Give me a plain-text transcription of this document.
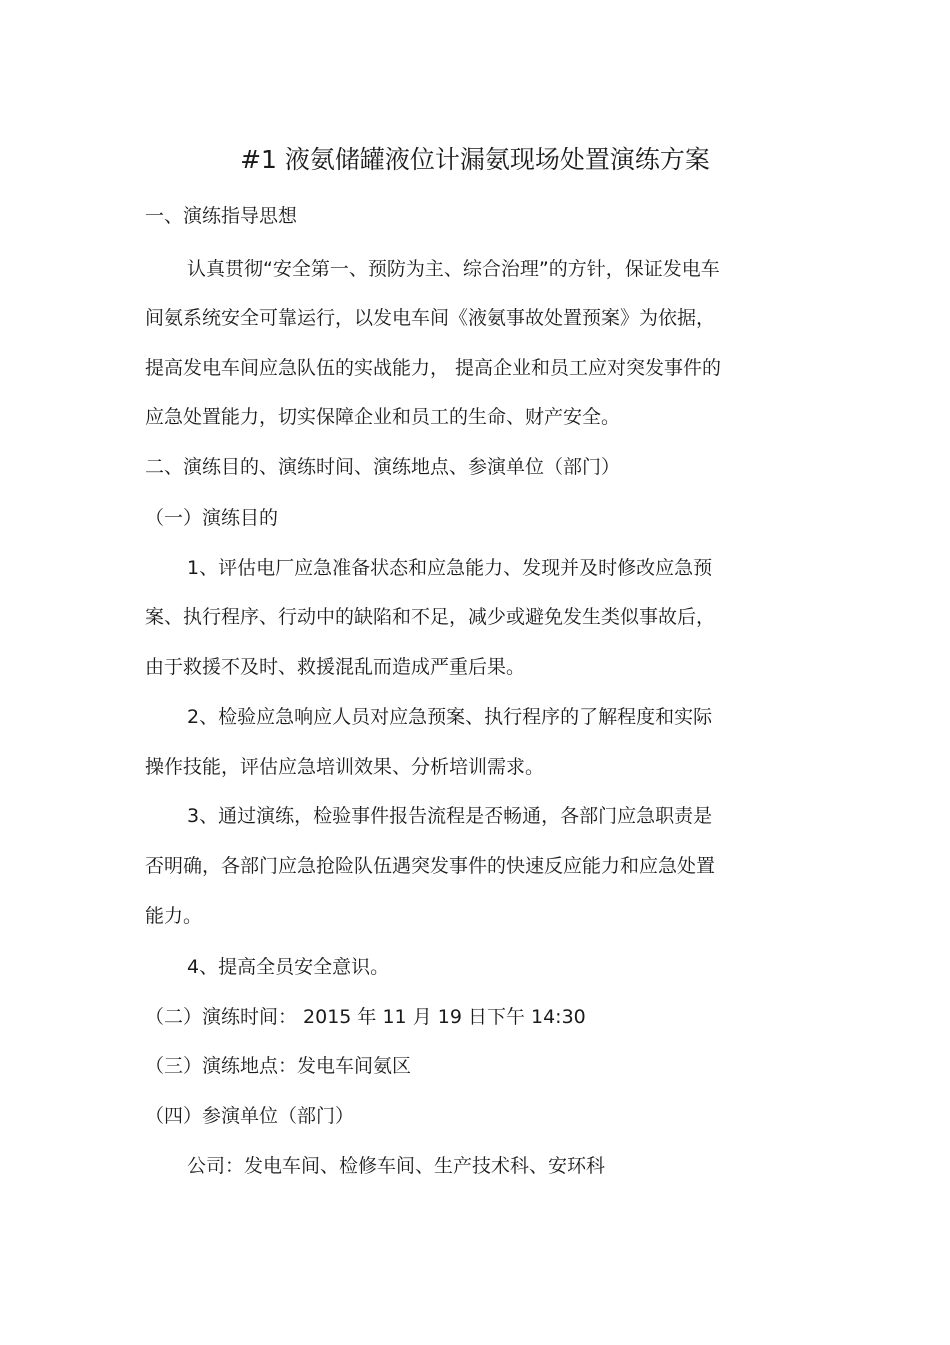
#1 液氨储罐液位计漏氨现场处置演练方案
一、演练指导思想
认真贯彻“安全第一、预防为主、综合治理”的方针，保证发电车
间氨系统安全可靠运行，以发电车间《液氨事故处置预案》为依据，
提高发电车间应急队伍的实战能力， 提高企业和员工应对突发事件的
应急处置能力，切实保障企业和员工的生命、财产安全。
二、演练目的、演练时间、演练地点、参演单位（部门）
（一）演练目的
1、评估电厂应急准备状态和应急能力、发现并及时修改应急预
案、执行程序、行动中的缺陷和不足，减少或避免发生类似事故后，
由于救援不及时、救援混乱而造成严重后果。
2、检验应急响应人员对应急预案、执行程序的了解程度和实际
操作技能，评估应急培训效果、分析培训需求。
3、通过演练，检验事件报告流程是否畅通，各部门应急职责是
否明确，各部门应急抢险队伍遇突发事件的快速反应能力和应急处置
能力。
4、提高全员安全意识。
（二）演练时间： 2015 年 11 月 19 日下午 14:30
（三）演练地点：发电车间氨区
（四）参演单位（部门）
公司：发电车间、检修车间、生产技术科、安环科
